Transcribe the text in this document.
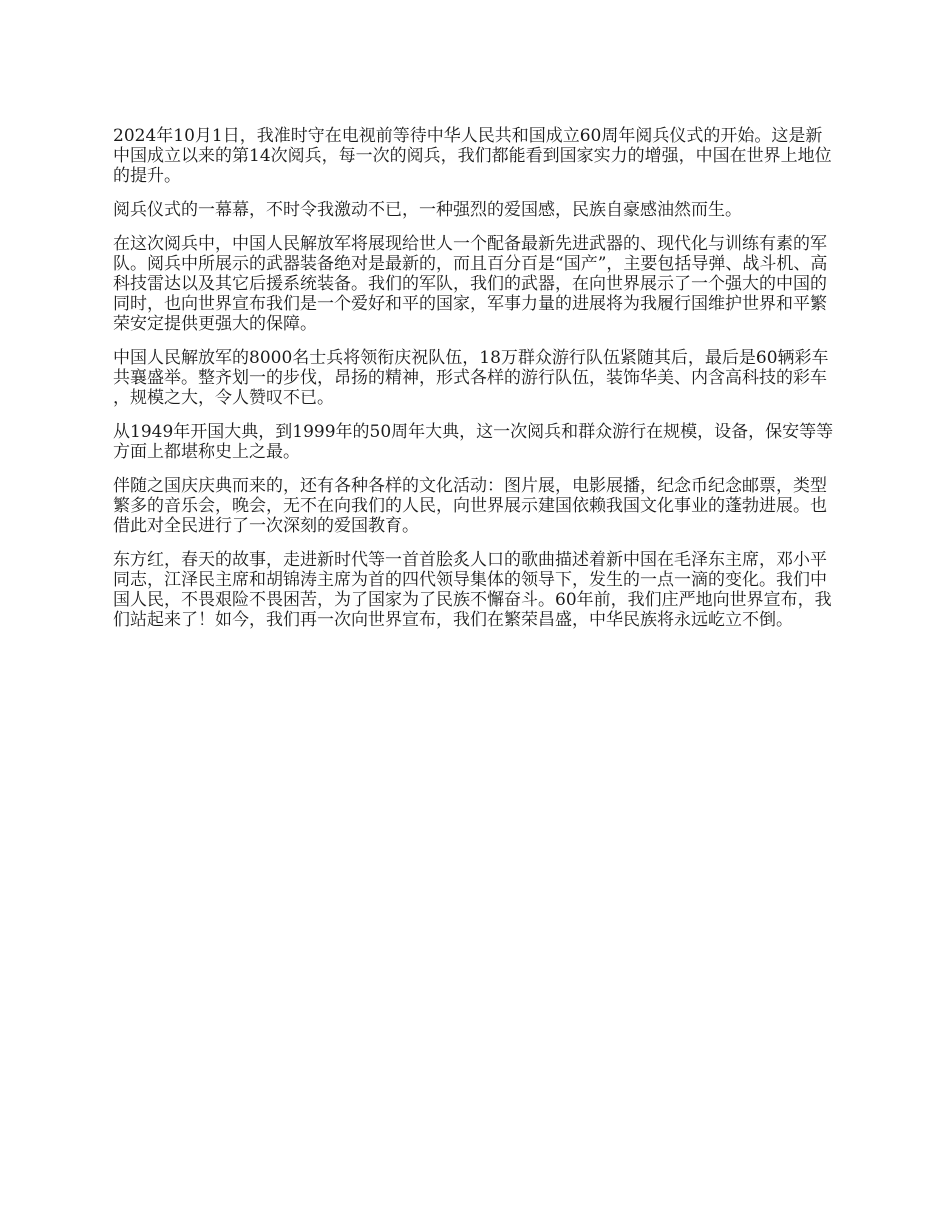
2024年10月1日，我准时守在电视前等待中华人民共和国成立60周年阅兵仪式的开始。这是新中国成立以来的第14次阅兵，每一次的阅兵，我们都能看到国家实力的增强，中国在世界上地位的提升。

阅兵仪式的一幕幕，不时令我激动不已，一种强烈的爱国感，民族自豪感油然而生。

在这次阅兵中，中国人民解放军将展现给世人一个配备最新先进武器的、现代化与训练有素的军队。阅兵中所展示的武器装备绝对是最新的，而且百分百是“国产”，主要包括导弹、战斗机、高科技雷达以及其它后援系统装备。我们的军队，我们的武器，在向世界展示了一个强大的中国的同时，也向世界宣布我们是一个爱好和平的国家，军事力量的进展将为我履行国维护世界和平繁荣安定提供更强大的保障。

中国人民解放军的8000名士兵将领衔庆祝队伍，18万群众游行队伍紧随其后，最后是60辆彩车共襄盛举。整齐划一的步伐，昂扬的精神，形式各样的游行队伍，装饰华美、内含高科技的彩车，规模之大，令人赞叹不已。

从1949年开国大典，到1999年的50周年大典，这一次阅兵和群众游行在规模，设备，保安等等方面上都堪称史上之最。

伴随之国庆庆典而来的，还有各种各样的文化活动：图片展，电影展播，纪念币纪念邮票，类型繁多的音乐会，晚会，无不在向我们的人民，向世界展示建国依赖我国文化事业的蓬勃进展。也借此对全民进行了一次深刻的爱国教育。

东方红，春天的故事，走进新时代等一首首脍炙人口的歌曲描述着新中国在毛泽东主席，邓小平同志，江泽民主席和胡锦涛主席为首的四代领导集体的领导下，发生的一点一滴的变化。我们中国人民，不畏艰险不畏困苦，为了国家为了民族不懈奋斗。60年前，我们庄严地向世界宣布，我们站起来了！如今，我们再一次向世界宣布，我们在繁荣昌盛，中华民族将永远屹立不倒。
